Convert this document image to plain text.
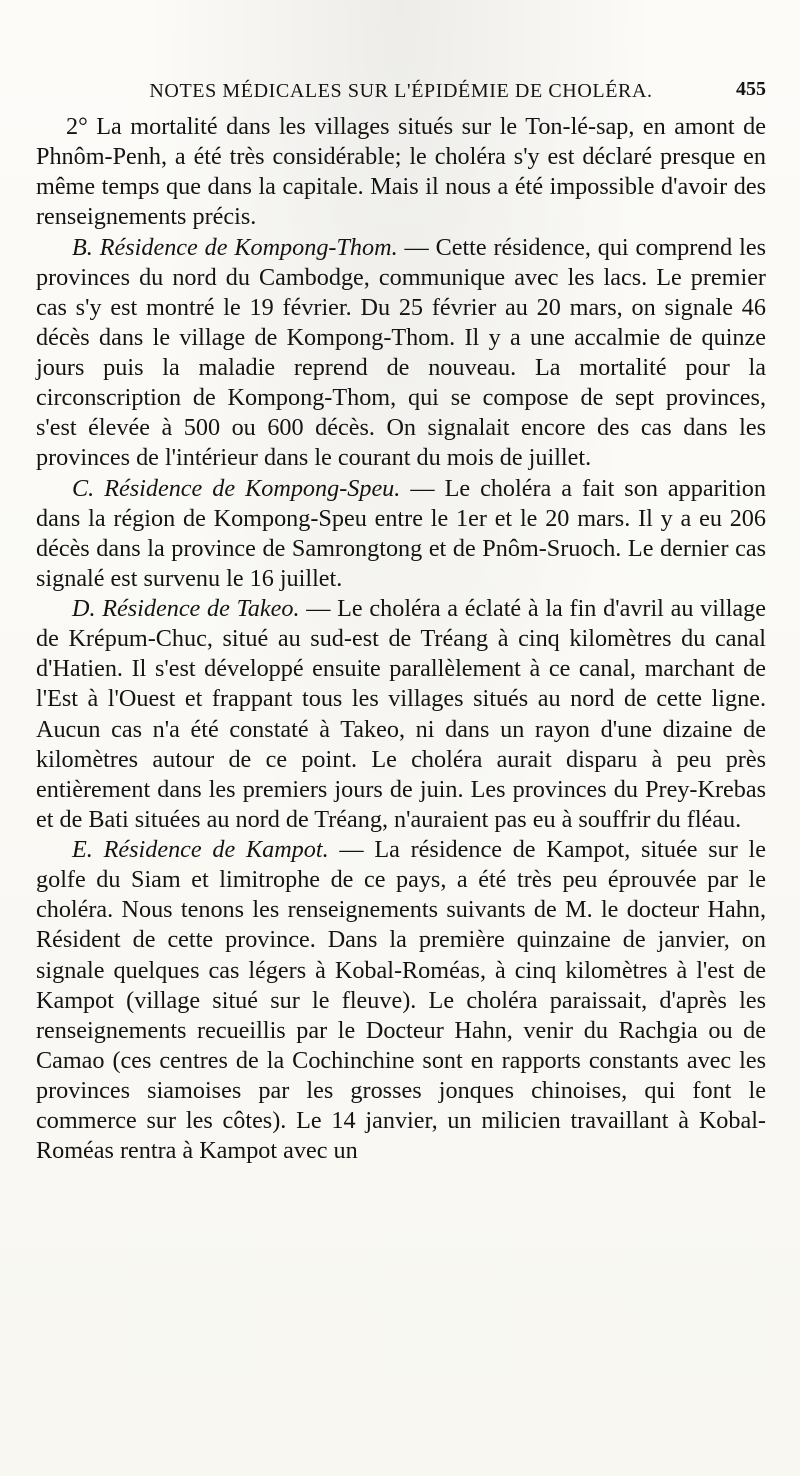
NOTES MÉDICALES SUR L'ÉPIDÉMIE DE CHOLÉRA.	455

2° La mortalité dans les villages situés sur le Ton-lé-sap, en amont de Phnôm-Penh, a été très considérable; le choléra s'y est déclaré presque en même temps que dans la capitale. Mais il nous a été impossible d'avoir des renseignements précis.

B. Résidence de Kompong-Thom. — Cette résidence, qui comprend les provinces du nord du Cambodge, communique avec les lacs. Le premier cas s'y est montré le 19 février. Du 25 février au 20 mars, on signale 46 décès dans le village de Kompong-Thom. Il y a une accalmie de quinze jours puis la maladie reprend de nouveau. La mortalité pour la circonscription de Kompong-Thom, qui se compose de sept provinces, s'est élevée à 500 ou 600 décès. On signalait encore des cas dans les provinces de l'intérieur dans le courant du mois de juillet.

C. Résidence de Kompong-Speu. — Le choléra a fait son apparition dans la région de Kompong-Speu entre le 1er et le 20 mars. Il y a eu 206 décès dans la province de Samrongtong et de Pnôm-Sruoch. Le dernier cas signalé est survenu le 16 juillet.

D. Résidence de Takeo. — Le choléra a éclaté à la fin d'avril au village de Krépum-Chuc, situé au sud-est de Tréang à cinq kilomètres du canal d'Hatien. Il s'est développé ensuite parallèlement à ce canal, marchant de l'Est à l'Ouest et frappant tous les villages situés au nord de cette ligne. Aucun cas n'a été constaté à Takeo, ni dans un rayon d'une dizaine de kilomètres autour de ce point. Le choléra aurait disparu à peu près entièrement dans les premiers jours de juin. Les provinces du Prey-Krebas et de Bati situées au nord de Tréang, n'auraient pas eu à souffrir du fléau.

E. Résidence de Kampot. — La résidence de Kampot, située sur le golfe du Siam et limitrophe de ce pays, a été très peu éprouvée par le choléra. Nous tenons les renseignements suivants de M. le docteur Hahn, Résident de cette province. Dans la première quinzaine de janvier, on signale quelques cas légers à Kobal-Roméas, à cinq kilomètres à l'est de Kampot (village situé sur le fleuve). Le choléra paraissait, d'après les renseignements recueillis par le Docteur Hahn, venir du Rachgia ou de Camao (ces centres de la Cochinchine sont en rapports constants avec les provinces siamoises par les grosses jonques chinoises, qui font le commerce sur les côtes). Le 14 janvier, un milicien travaillant à Kobal-Roméas rentra à Kampot avec un
